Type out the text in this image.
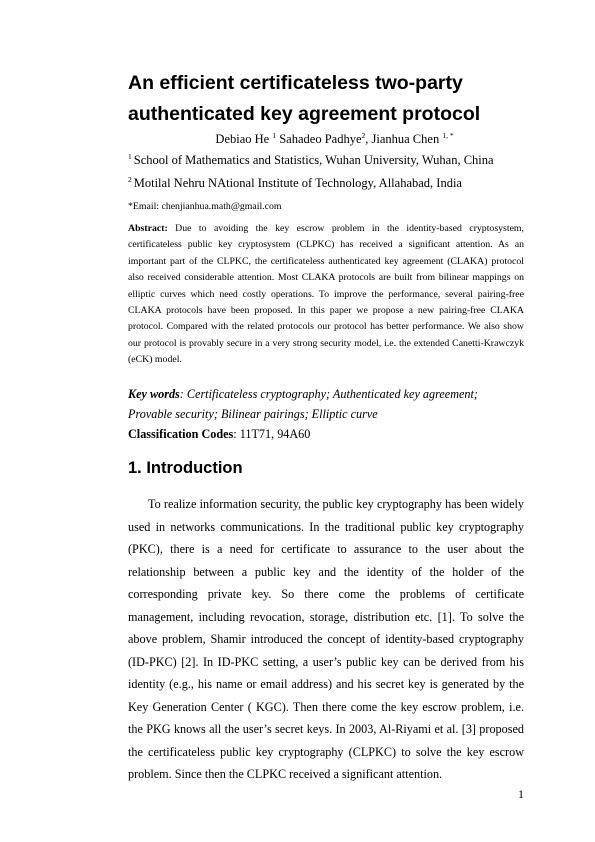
An efficient certificateless two-party
authenticated key agreement protocol
Debiao He $^1$ Sahadeo Padhye$^2$, Jianhua Chen $^{1, *}$
$^1$ School of Mathematics and Statistics, Wuhan University, Wuhan, China
$^2$ Motilal Nehru NAtional Institute of Technology, Allahabad, India
*Email: chenjianhua.math@gmail.com

Abstract: Due to avoiding the key escrow problem in the identity-based cryptosystem, certificateless public key cryptosystem (CLPKC) has received a significant attention. As an important part of the CLPKC, the certificateless authenticated key agreement (CLAKA) protocol also received considerable attention. Most CLAKA protocols are built from bilinear mappings on elliptic curves which need costly operations. To improve the performance, several pairing-free CLAKA protocols have been proposed. In this paper we propose a new pairing-free CLAKA protocol. Compared with the related protocols our protocol has better performance. We also show our protocol is provably secure in a very strong security model, i.e. the extended Canetti-Krawczyk (eCK) model.

Key words: Certificateless cryptography; Authenticated key agreement; Provable security; Bilinear pairings; Elliptic curve

Classification Codes: 11T71, 94A60

1. Introduction

To realize information security, the public key cryptography has been widely used in networks communications. In the traditional public key cryptography (PKC), there is a need for certificate to assurance to the user about the relationship between a public key and the identity of the holder of the corresponding private key. So there come the problems of certificate management, including revocation, storage, distribution etc. [1]. To solve the above problem, Shamir introduced the concept of identity-based cryptography (ID-PKC) [2]. In ID-PKC setting, a user’s public key can be derived from his identity (e.g., his name or email address) and his secret key is generated by the Key Generation Center ( KGC). Then there come the key escrow problem, i.e. the PKG knows all the user’s secret keys. In 2003, Al-Riyami et al. [3] proposed the certificateless public key cryptography (CLPKC) to solve the key escrow problem. Since then the CLPKC received a significant attention.

1
